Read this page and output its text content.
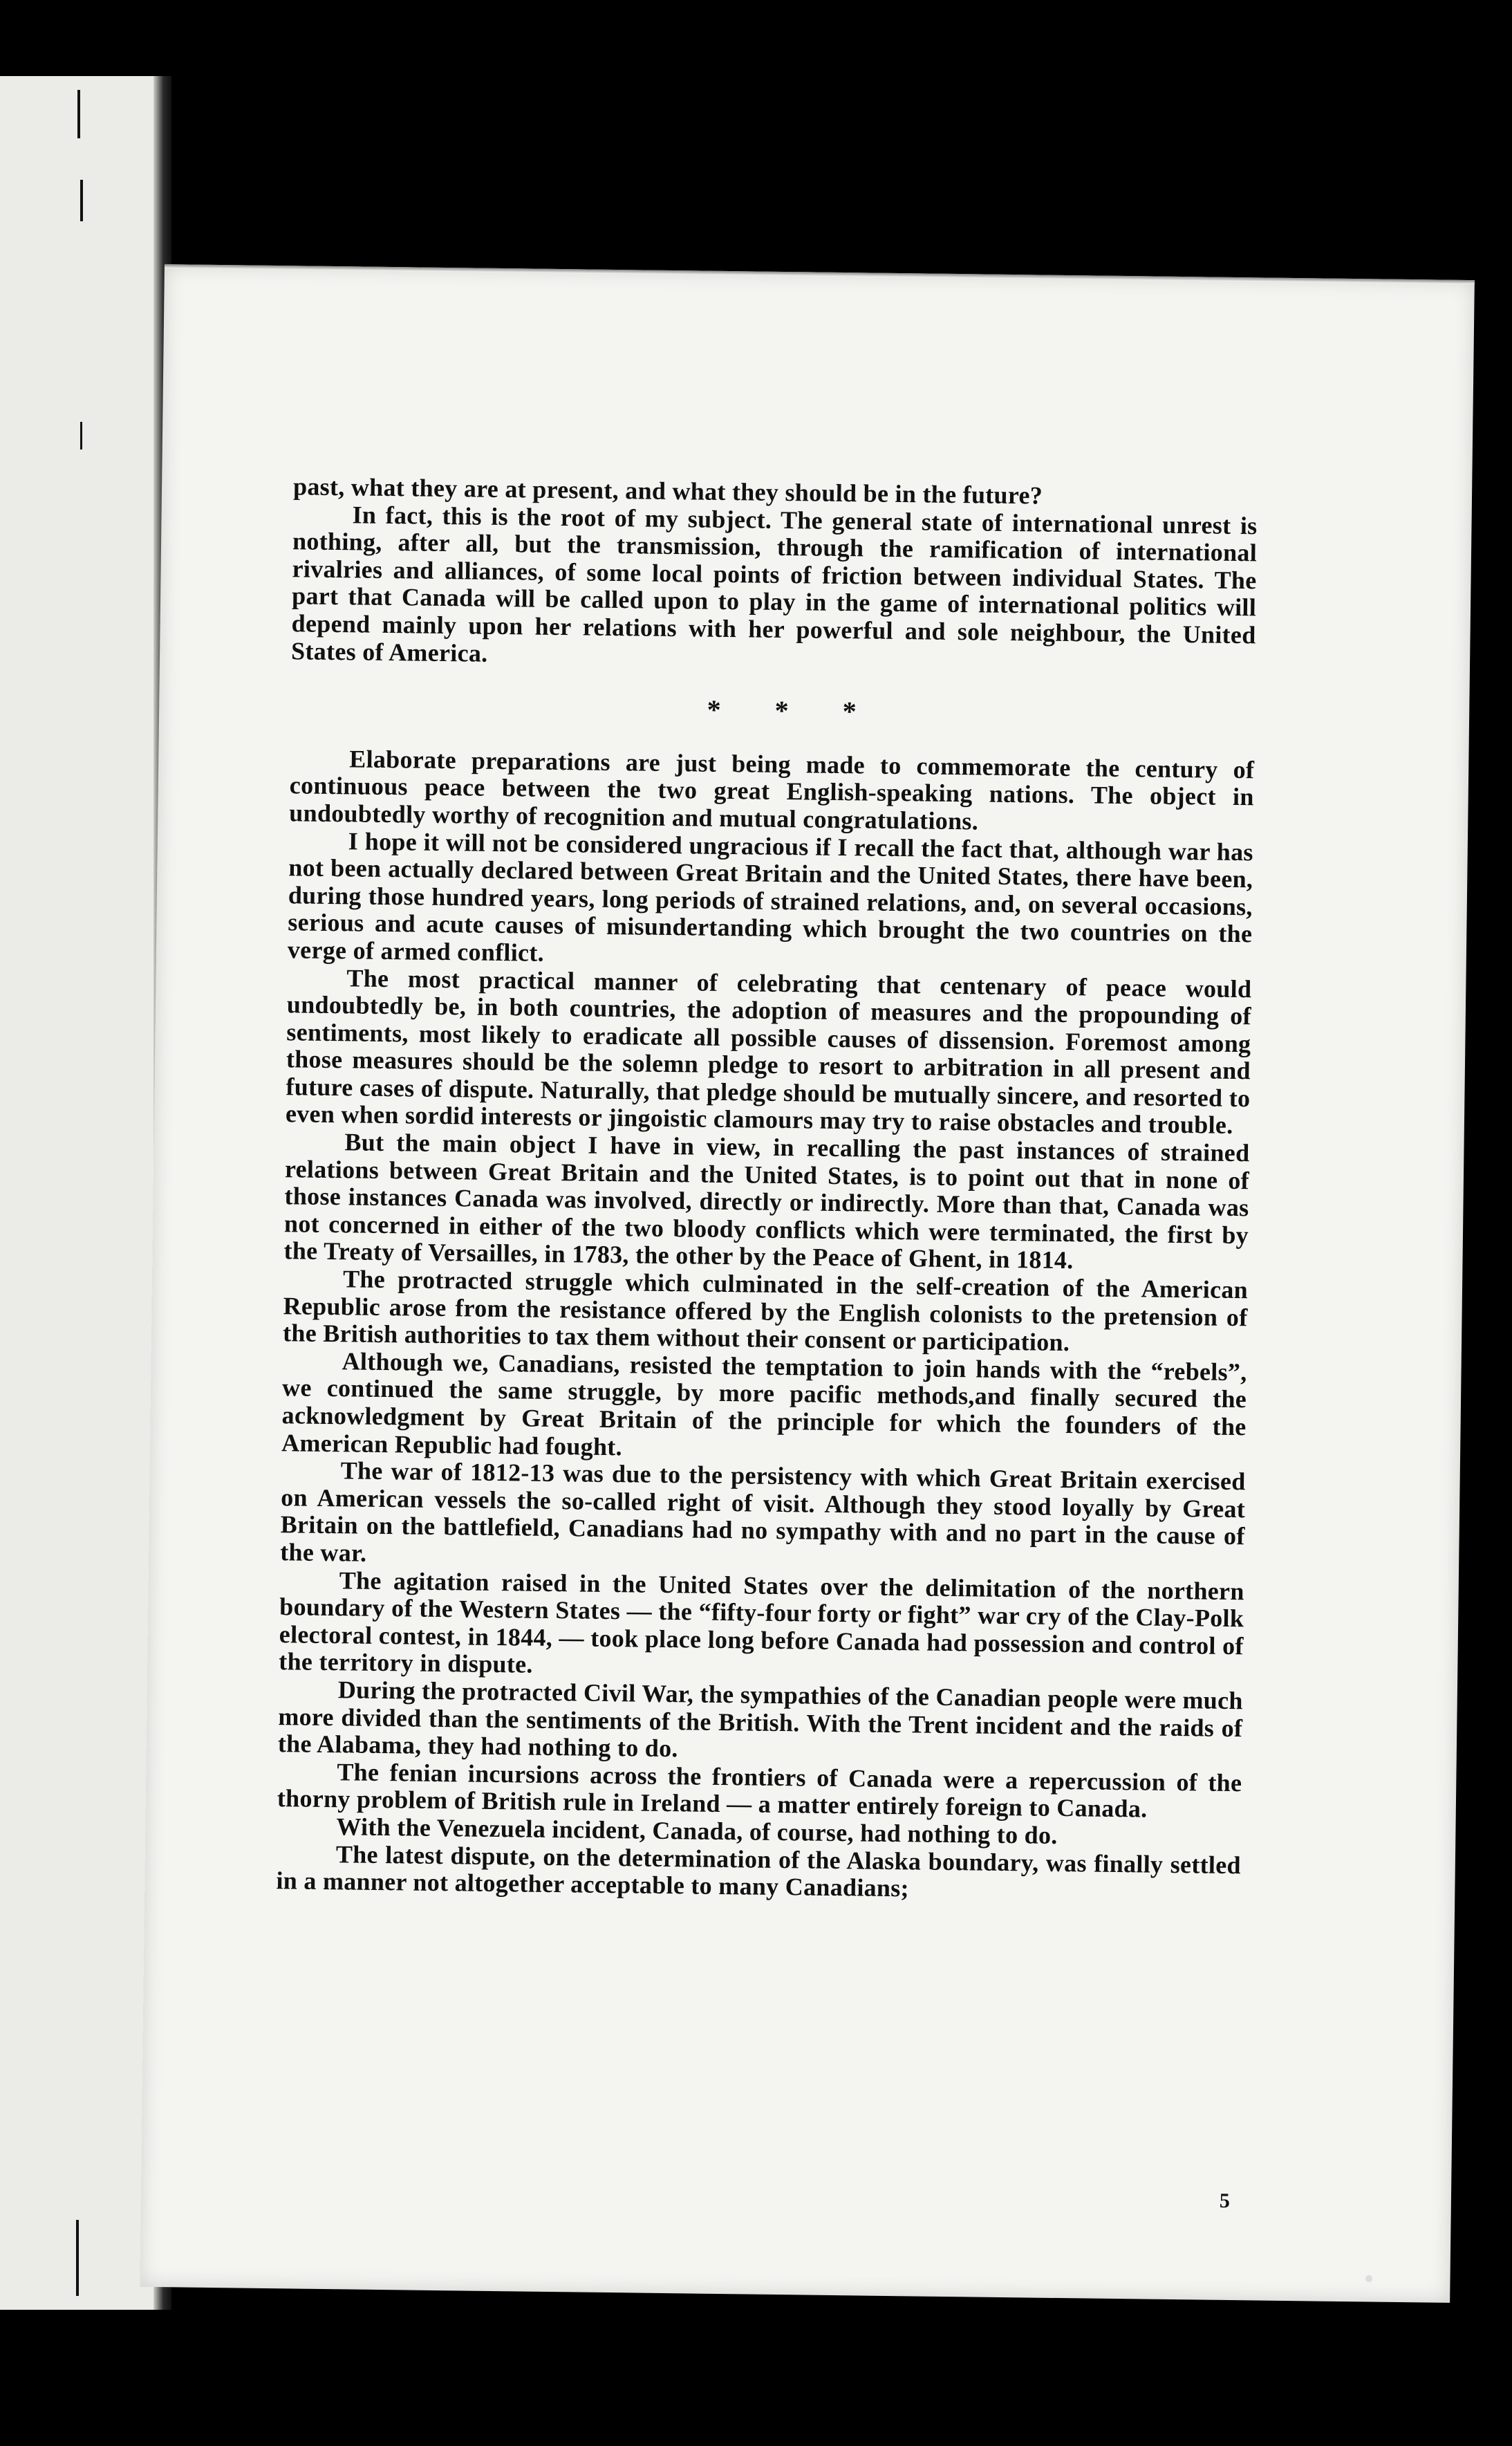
past, what they are at present, and what they should be in the future?

In fact, this is the root of my subject. The general state of international unrest is nothing, after all, but the transmission, through the ramification of international rivalries and alliances, of some local points of friction between individual States. The part that Canada will be called upon to play in the game of international politics will depend mainly upon her relations with her powerful and sole neighbour, the United States of America.

* * *

Elaborate preparations are just being made to commemorate the century of continuous peace between the two great English-speaking nations. The object in undoubtedly worthy of recognition and mutual congratulations.

I hope it will not be considered ungracious if I recall the fact that, although war has not been actually declared between Great Britain and the United States, there have been, during those hundred years, long periods of strained relations, and, on several occasions, serious and acute causes of misundertanding which brought the two countries on the verge of armed conflict.

The most practical manner of celebrating that centenary of peace would undoubtedly be, in both countries, the adoption of measures and the propounding of sentiments, most likely to eradicate all possible causes of dissension. Foremost among those measures should be the solemn pledge to resort to arbitration in all present and future cases of dispute. Naturally, that pledge should be mutually sincere, and resorted to even when sordid interests or jingoistic clamours may try to raise obstacles and trouble.

But the main object I have in view, in recalling the past instances of strained relations between Great Britain and the United States, is to point out that in none of those instances Canada was involved, directly or indirectly. More than that, Canada was not concerned in either of the two bloody conflicts which were terminated, the first by the Treaty of Versailles, in 1783, the other by the Peace of Ghent, in 1814.

The protracted struggle which culminated in the self-creation of the American Republic arose from the resistance offered by the English colonists to the pretension of the British authorities to tax them without their consent or participation.

Although we, Canadians, resisted the temptation to join hands with the “rebels”, we continued the same struggle, by more pacific methods,and finally secured the acknowledgment by Great Britain of the principle for which the founders of the American Republic had fought.

The war of 1812-13 was due to the persistency with which Great Britain exercised on American vessels the so-called right of visit. Although they stood loyally by Great Britain on the battlefield, Canadians had no sympathy with and no part in the cause of the war.

The agitation raised in the United States over the delimitation of the northern boundary of the Western States — the “fifty-four forty or fight” war cry of the Clay-Polk electoral contest, in 1844, — took place long before Canada had possession and control of the territory in dispute.

During the protracted Civil War, the sympathies of the Canadian people were much more divided than the sentiments of the British. With the Trent incident and the raids of the Alabama, they had nothing to do.

The fenian incursions across the frontiers of Canada were a repercussion of the thorny problem of British rule in Ireland — a matter entirely foreign to Canada.

With the Venezuela incident, Canada, of course, had nothing to do.

The latest dispute, on the determination of the Alaska boundary, was finally settled in a manner not altogether acceptable to many Canadians;

5
